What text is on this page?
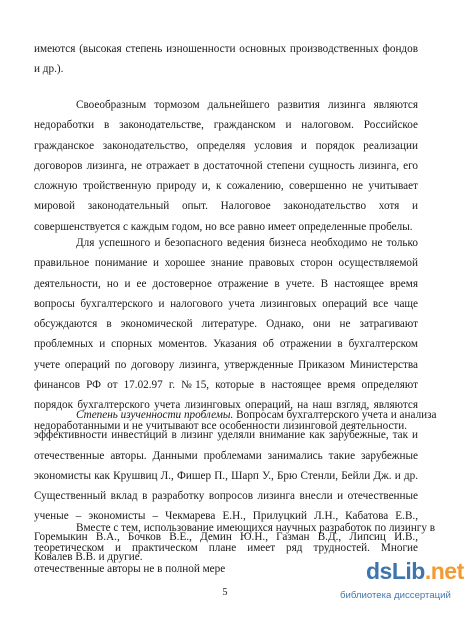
имеются (высокая степень изношенности основных производственных фондов
и др.).
Своеобразным тормозом дальнейшего развития лизинга являются
недоработки в законодательстве, гражданском и налоговом. Российское
гражданское законодательство, определяя условия и порядок реализации
договоров лизинга, не отражает в достаточной степени сущность лизинга, его
сложную тройственную природу и, к сожалению, совершенно не учитывает
мировой законодательный опыт. Налоговое законодательство хотя и
совершенствуется с каждым годом, но все равно имеет определенные пробелы.
Для успешного и безопасного ведения бизнеса необходимо не только
правильное понимание и хорошее знание правовых сторон осуществляемой
деятельности, но и ее достоверное отражение в учете. В настоящее время
вопросы бухгалтерского и налогового учета лизинговых операций все чаще
обсуждаются в экономической литературе. Однако, они не затрагивают
проблемных и спорных моментов. Указания об отражении в бухгалтерском
учете операций по договору лизинга, утвержденные Приказом Министерства
финансов РФ от 17.02.97 г. №15, которые в настоящее время определяют
порядок бухгалтерского учета лизинговых операций, на наш взгляд, являются
недоработанными и не учитывают все особенности лизинговой деятельности.
Степень изученности проблемы. Вопросам бухгалтерского учета и анализа
эффективности инвестиций в лизинг уделяли внимание как зарубежные, так и
отечественные авторы. Данными проблемами занимались такие зарубежные
экономисты как Крушвиц Л., Фишер П., Шарп У., Брю Стенли, Бейли Дж. и др.
Существенный вклад в разработку вопросов лизинга внесли и отечественные
ученые – экономисты – Чекмарева Е.Н., Прилуцкий Л.Н., Кабатова Е.В.,
Горемыкин В.А., Бочков В.Е., Демин Ю.Н., Газман В.Д., Липсиц И.В.,
Ковалев В.В. и другие.
Вместе с тем, использование имеющихся научных разработок по лизингу в
теоретическом и практическом плане имеет ряд трудностей. Многие
отечественные авторы не в полной мере
5
dsLib.net
библиотека диссертаций
